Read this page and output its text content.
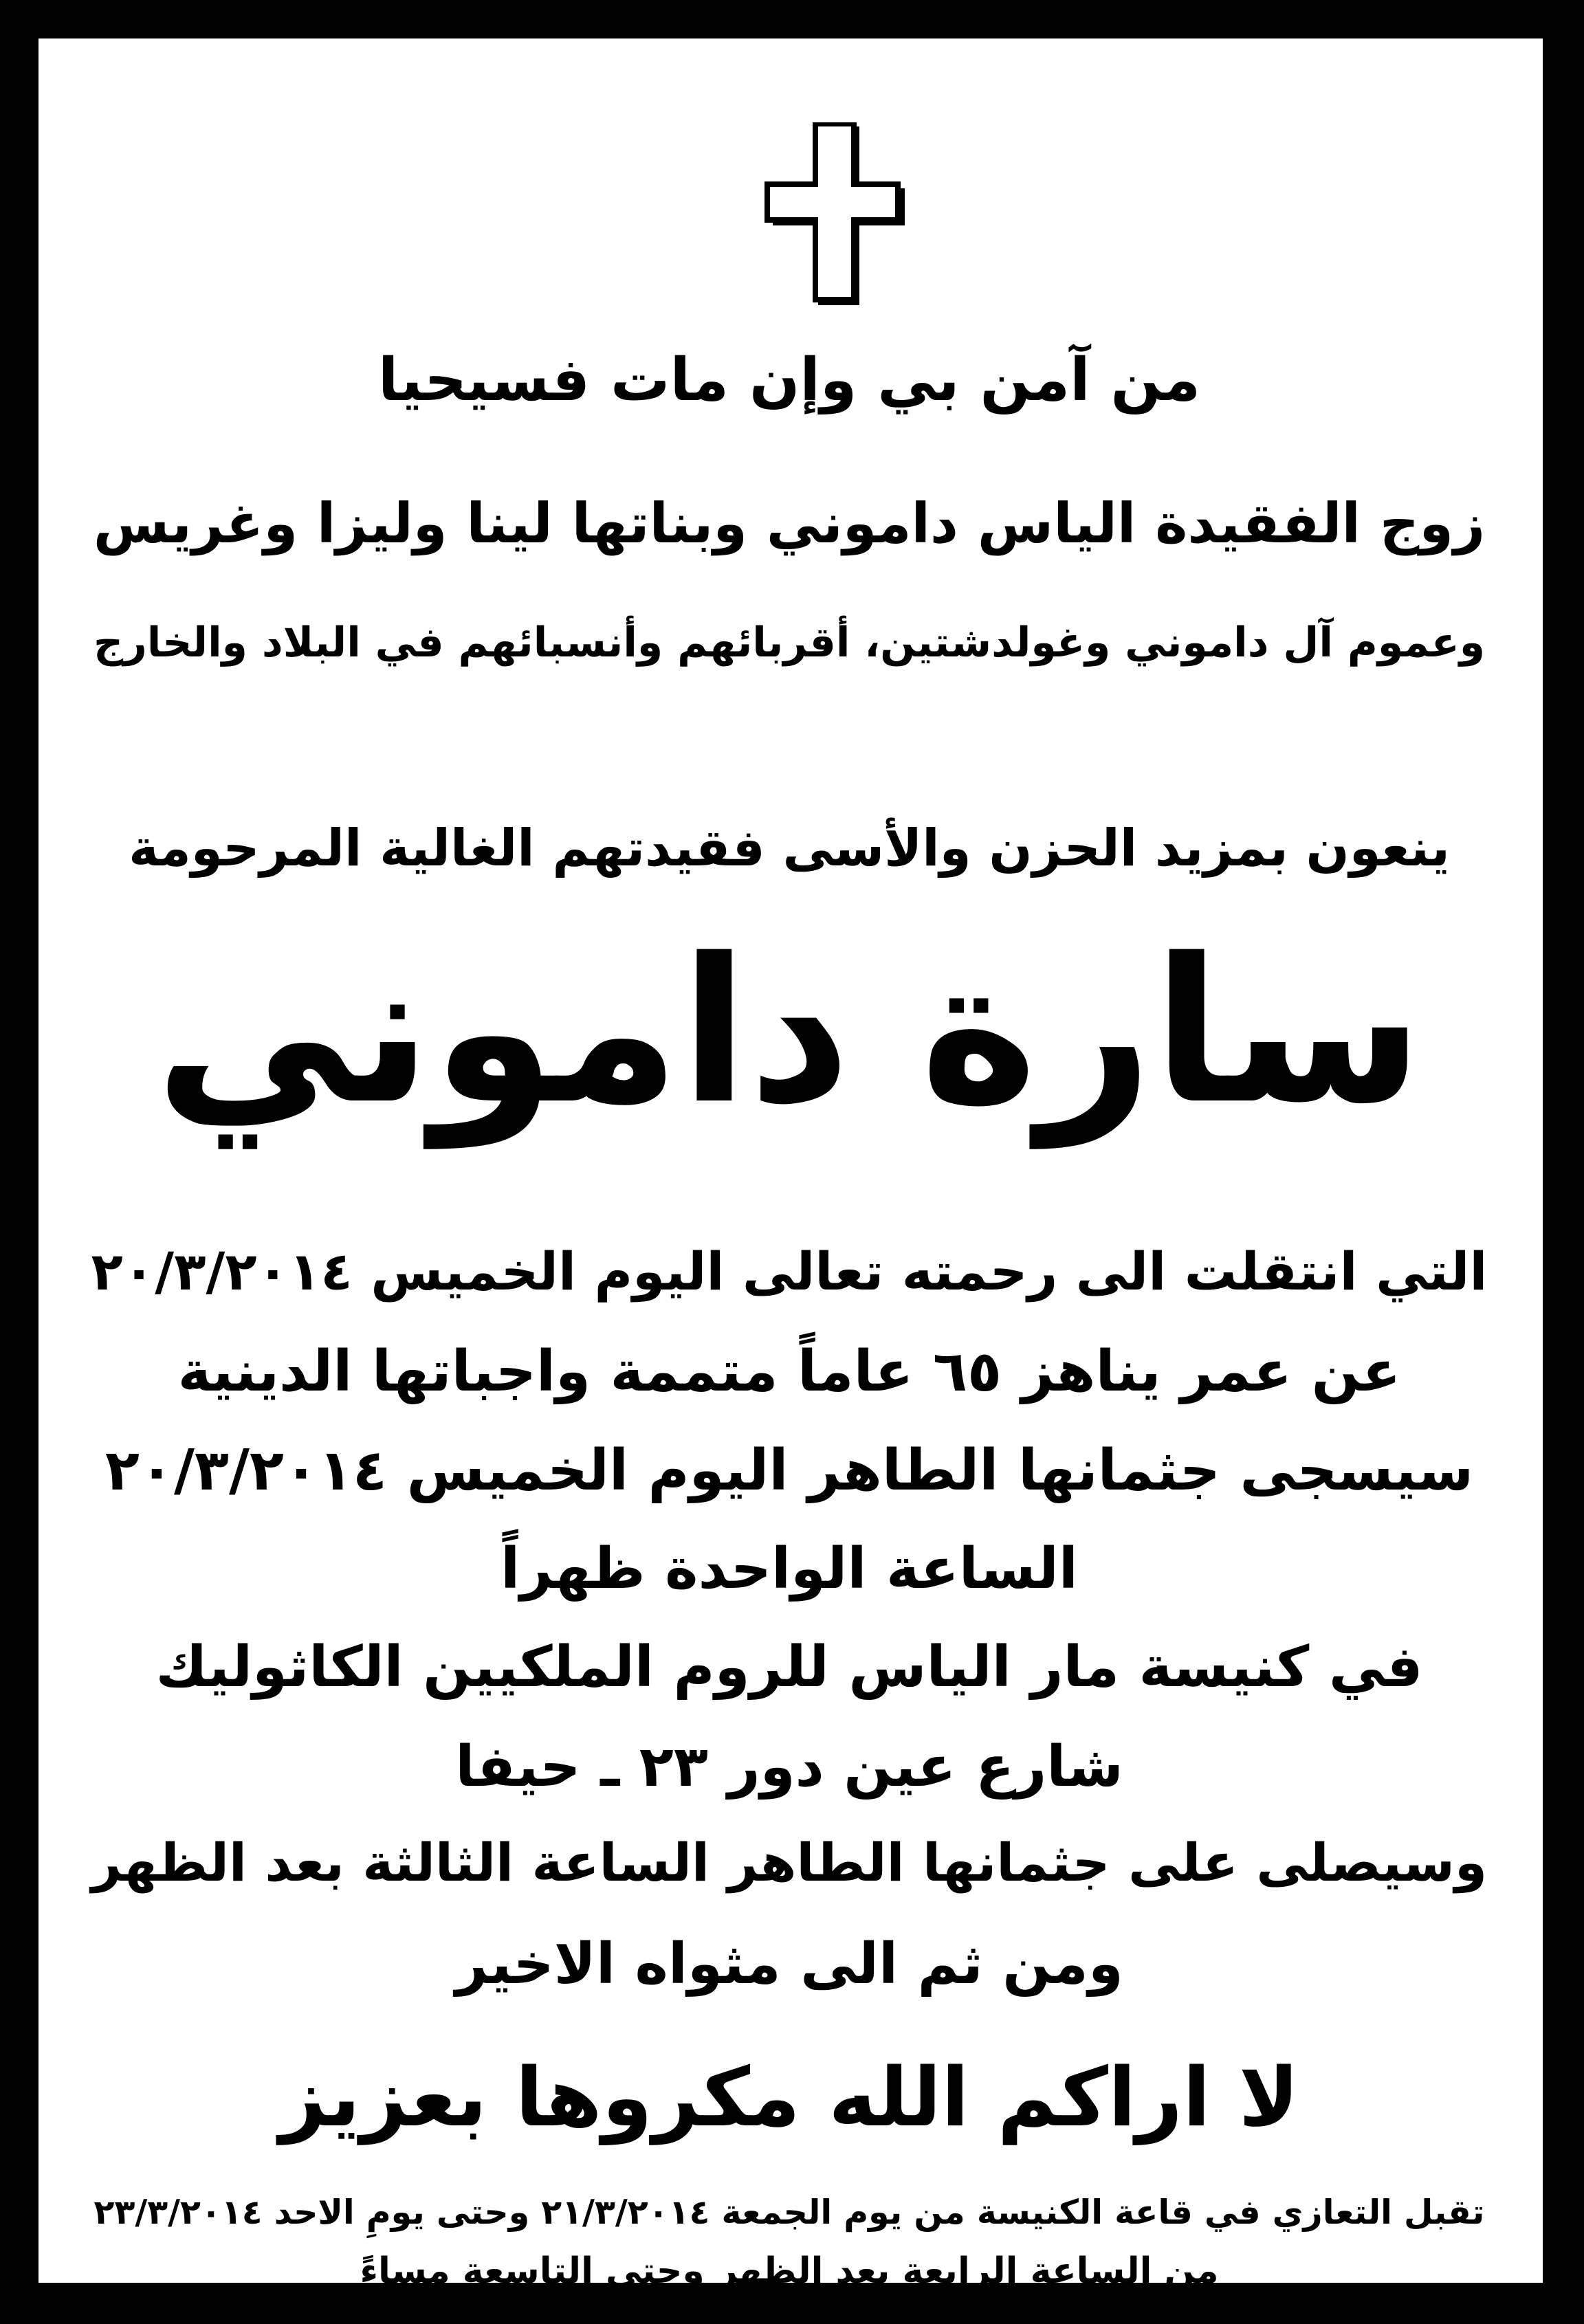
من آمن بي وإن مات فسيحيا
زوج الفقيدة الياس داموني وبناتها لينا وليزا وغريس
وعموم آل داموني وغولدشتين، أقربائهم وأنسبائهم في البلاد والخارج
ينعون بمزيد الحزن والأسى فقيدتهم الغالية المرحومة
سارة داموني
التي انتقلت الى رحمته تعالى اليوم الخميس ٢٠/٣/٢٠١٤
عن عمر يناهز ٦٥ عاماً متممة واجباتها الدينية
سيسجى جثمانها الطاهر اليوم الخميس ٢٠/٣/٢٠١٤
الساعة الواحدة ظهراً
في كنيسة مار الياس للروم الملكيين الكاثوليك
شارع عين دور ٢٣ ـ حيفا
وسيصلى على جثمانها الطاهر الساعة الثالثة بعد الظهر
ومن ثم الى مثواه الاخير
لا اراكم الله مكروها بعزيز
تقبل التعازي في قاعة الكنيسة من يوم الجمعة ٢١/٣/٢٠١٤ وحتى يومِ الاحد ٢٣/٣/٢٠١٤
من الساعة الرابعة بعد الظهر وحتى التاسعة مساءً
